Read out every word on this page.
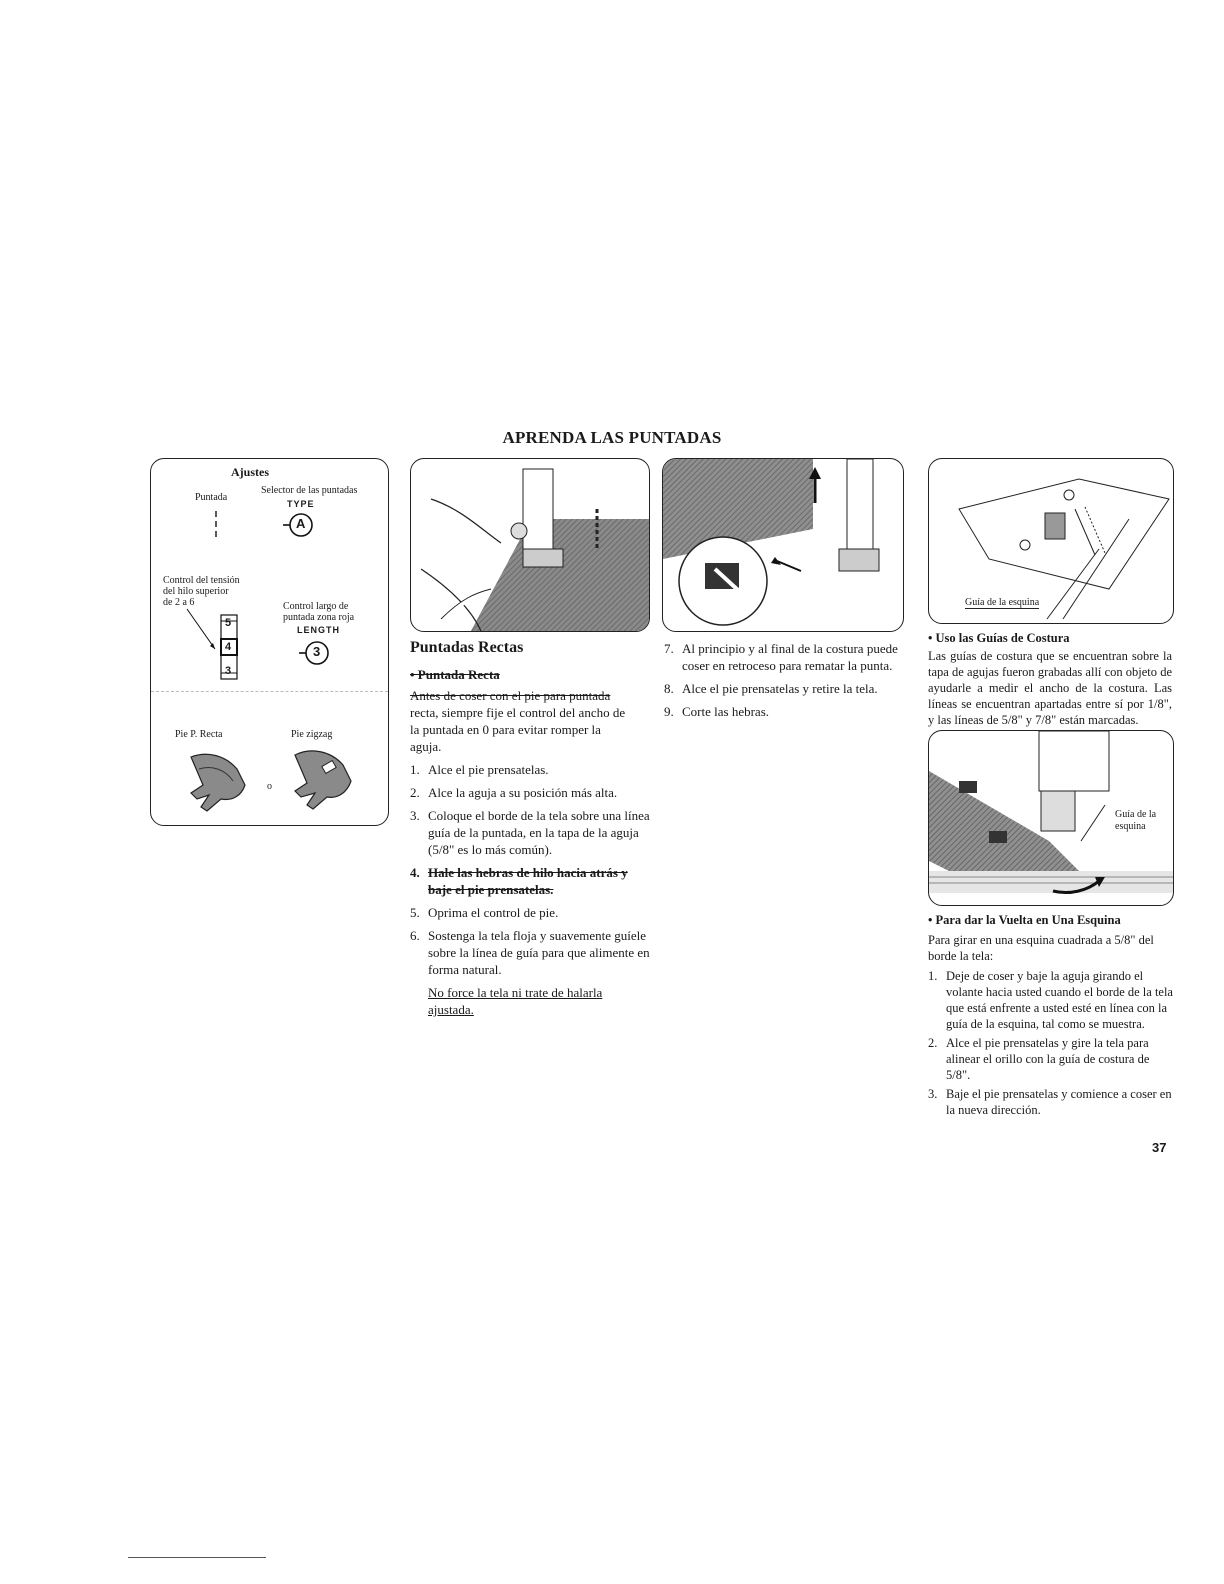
APRENDA LAS PUNTADAS
Ajustes
Puntada
Selector de las puntadas
TYPE
A
Control del tensión
del hilo superior
de 2 a 6	Control largo de
puntada zona roja
LENGTH
5
4
3
3
Pie P. Recta	Pie zigzag
o
Guía de la esquina
Guía de la
esquina

Puntadas Rectas

• Puntada Recta

Antes de coser con el pie para puntada

recta, siempre fije el control del ancho de

la puntada en 0 para evitar romper la

aguja.

1. Alce el pie prensatelas.
2. Alce la aguja a su posición más alta.
3. Coloque el borde de la tela sobre una línea guía de la puntada, en la tapa de la aguja (5/8" es lo más común).
4. Hale las hebras de hilo hacia atrás y baje el pie prensatelas.
5. Oprima el control de pie.
6. Sostenga la tela floja y suavemente guíele sobre la línea de guía para que alimente en forma natural.

No force la tela ni trate de halarla ajustada.

7. Al principio y al final de la costura puede coser en retroceso para rematar la punta.
8. Alce el pie prensatelas y retire la tela.
9. Corte las hebras.

• Uso las Guías de Costura

Las guías de costura que se encuentran sobre la tapa de agujas fueron grabadas allí con objeto de ayudarle a medir el ancho de la costura. Las líneas se encuentran apartadas entre sí por 1/8", y las líneas de 5/8" y 7/8" están marcadas.

• Para dar la Vuelta en Una Esquina

Para girar en una esquina cuadrada a 5/8" del borde la tela:

1. Deje de coser y baje la aguja girando el volante hacia usted cuando el borde de la tela que está enfrente a usted esté en línea con la guía de la esquina, tal como se muestra.
2. Alce el pie prensatelas y gire la tela para alinear el orillo con la guía de costura de 5/8".
3. Baje el pie prensatelas y comience a coser en la nueva dirección.
37
